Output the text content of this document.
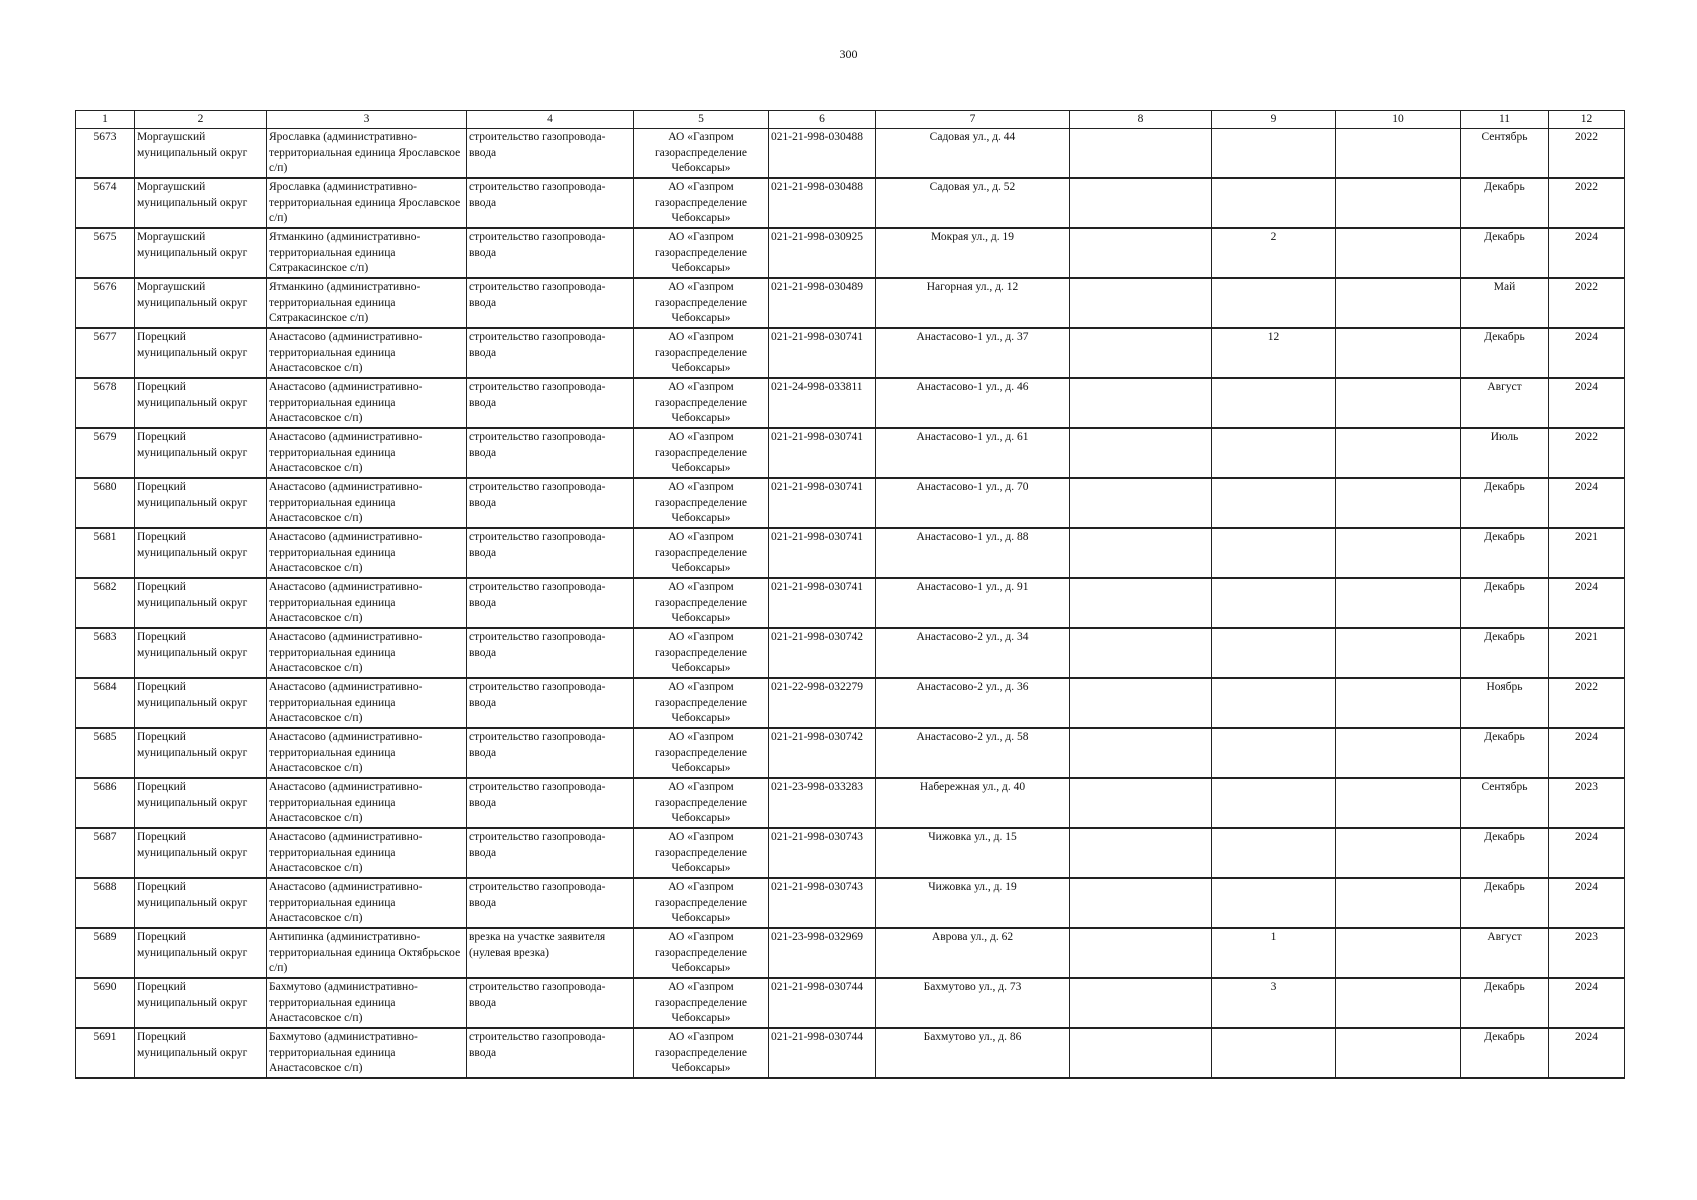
300
1	2	3	4	5	6	7	8	9	10	11	12
5673	Моргаушский муниципальный округ	Ярославка (административно-территориальная единица Ярославское с/п)	строительство газопровода-ввода	АО «Газпром газораспределение Чебоксары»	021-21-998-030488	Садовая ул., д. 44				Сентябрь	2022
5674	Моргаушский муниципальный округ	Ярославка (административно-территориальная единица Ярославское с/п)	строительство газопровода-ввода	АО «Газпром газораспределение Чебоксары»	021-21-998-030488	Садовая ул., д. 52				Декабрь	2022
5675	Моргаушский муниципальный округ	Ятманкино (административно-территориальная единица Сятракасинское с/п)	строительство газопровода-ввода	АО «Газпром газораспределение Чебоксары»	021-21-998-030925	Мокрая ул., д. 19		2		Декабрь	2024
5676	Моргаушский муниципальный округ	Ятманкино (административно-территориальная единица Сятракасинское с/п)	строительство газопровода-ввода	АО «Газпром газораспределение Чебоксары»	021-21-998-030489	Нагорная ул., д. 12				Май	2022
5677	Порецкий муниципальный округ	Анастасово (административно-территориальная единица Анастасовское с/п)	строительство газопровода-ввода	АО «Газпром газораспределение Чебоксары»	021-21-998-030741	Анастасово-1 ул., д. 37		12		Декабрь	2024
5678	Порецкий муниципальный округ	Анастасово (административно-территориальная единица Анастасовское с/п)	строительство газопровода-ввода	АО «Газпром газораспределение Чебоксары»	021-24-998-033811	Анастасово-1 ул., д. 46				Август	2024
5679	Порецкий муниципальный округ	Анастасово (административно-территориальная единица Анастасовское с/п)	строительство газопровода-ввода	АО «Газпром газораспределение Чебоксары»	021-21-998-030741	Анастасово-1 ул., д. 61				Июль	2022
5680	Порецкий муниципальный округ	Анастасово (административно-территориальная единица Анастасовское с/п)	строительство газопровода-ввода	АО «Газпром газораспределение Чебоксары»	021-21-998-030741	Анастасово-1 ул., д. 70				Декабрь	2024
5681	Порецкий муниципальный округ	Анастасово (административно-территориальная единица Анастасовское с/п)	строительство газопровода-ввода	АО «Газпром газораспределение Чебоксары»	021-21-998-030741	Анастасово-1 ул., д. 88				Декабрь	2021
5682	Порецкий муниципальный округ	Анастасово (административно-территориальная единица Анастасовское с/п)	строительство газопровода-ввода	АО «Газпром газораспределение Чебоксары»	021-21-998-030741	Анастасово-1 ул., д. 91				Декабрь	2024
5683	Порецкий муниципальный округ	Анастасово (административно-территориальная единица Анастасовское с/п)	строительство газопровода-ввода	АО «Газпром газораспределение Чебоксары»	021-21-998-030742	Анастасово-2 ул., д. 34				Декабрь	2021
5684	Порецкий муниципальный округ	Анастасово (административно-территориальная единица Анастасовское с/п)	строительство газопровода-ввода	АО «Газпром газораспределение Чебоксары»	021-22-998-032279	Анастасово-2 ул., д. 36				Ноябрь	2022
5685	Порецкий муниципальный округ	Анастасово (административно-территориальная единица Анастасовское с/п)	строительство газопровода-ввода	АО «Газпром газораспределение Чебоксары»	021-21-998-030742	Анастасово-2 ул., д. 58				Декабрь	2024
5686	Порецкий муниципальный округ	Анастасово (административно-территориальная единица Анастасовское с/п)	строительство газопровода-ввода	АО «Газпром газораспределение Чебоксары»	021-23-998-033283	Набережная ул., д. 40				Сентябрь	2023
5687	Порецкий муниципальный округ	Анастасово (административно-территориальная единица Анастасовское с/п)	строительство газопровода-ввода	АО «Газпром газораспределение Чебоксары»	021-21-998-030743	Чижовка ул., д. 15				Декабрь	2024
5688	Порецкий муниципальный округ	Анастасово (административно-территориальная единица Анастасовское с/п)	строительство газопровода-ввода	АО «Газпром газораспределение Чебоксары»	021-21-998-030743	Чижовка ул., д. 19				Декабрь	2024
5689	Порецкий муниципальный округ	Антипинка (административно-территориальная единица Октябрьское с/п)	врезка на участке заявителя (нулевая врезка)	АО «Газпром газораспределение Чебоксары»	021-23-998-032969	Аврова ул., д. 62		1		Август	2023
5690	Порецкий муниципальный округ	Бахмутово (административно-территориальная единица Анастасовское с/п)	строительство газопровода-ввода	АО «Газпром газораспределение Чебоксары»	021-21-998-030744	Бахмутово ул., д. 73		3		Декабрь	2024
5691	Порецкий муниципальный округ	Бахмутово (административно-территориальная единица Анастасовское с/п)	строительство газопровода-ввода	АО «Газпром газораспределение Чебоксары»	021-21-998-030744	Бахмутово ул., д. 86				Декабрь	2024
